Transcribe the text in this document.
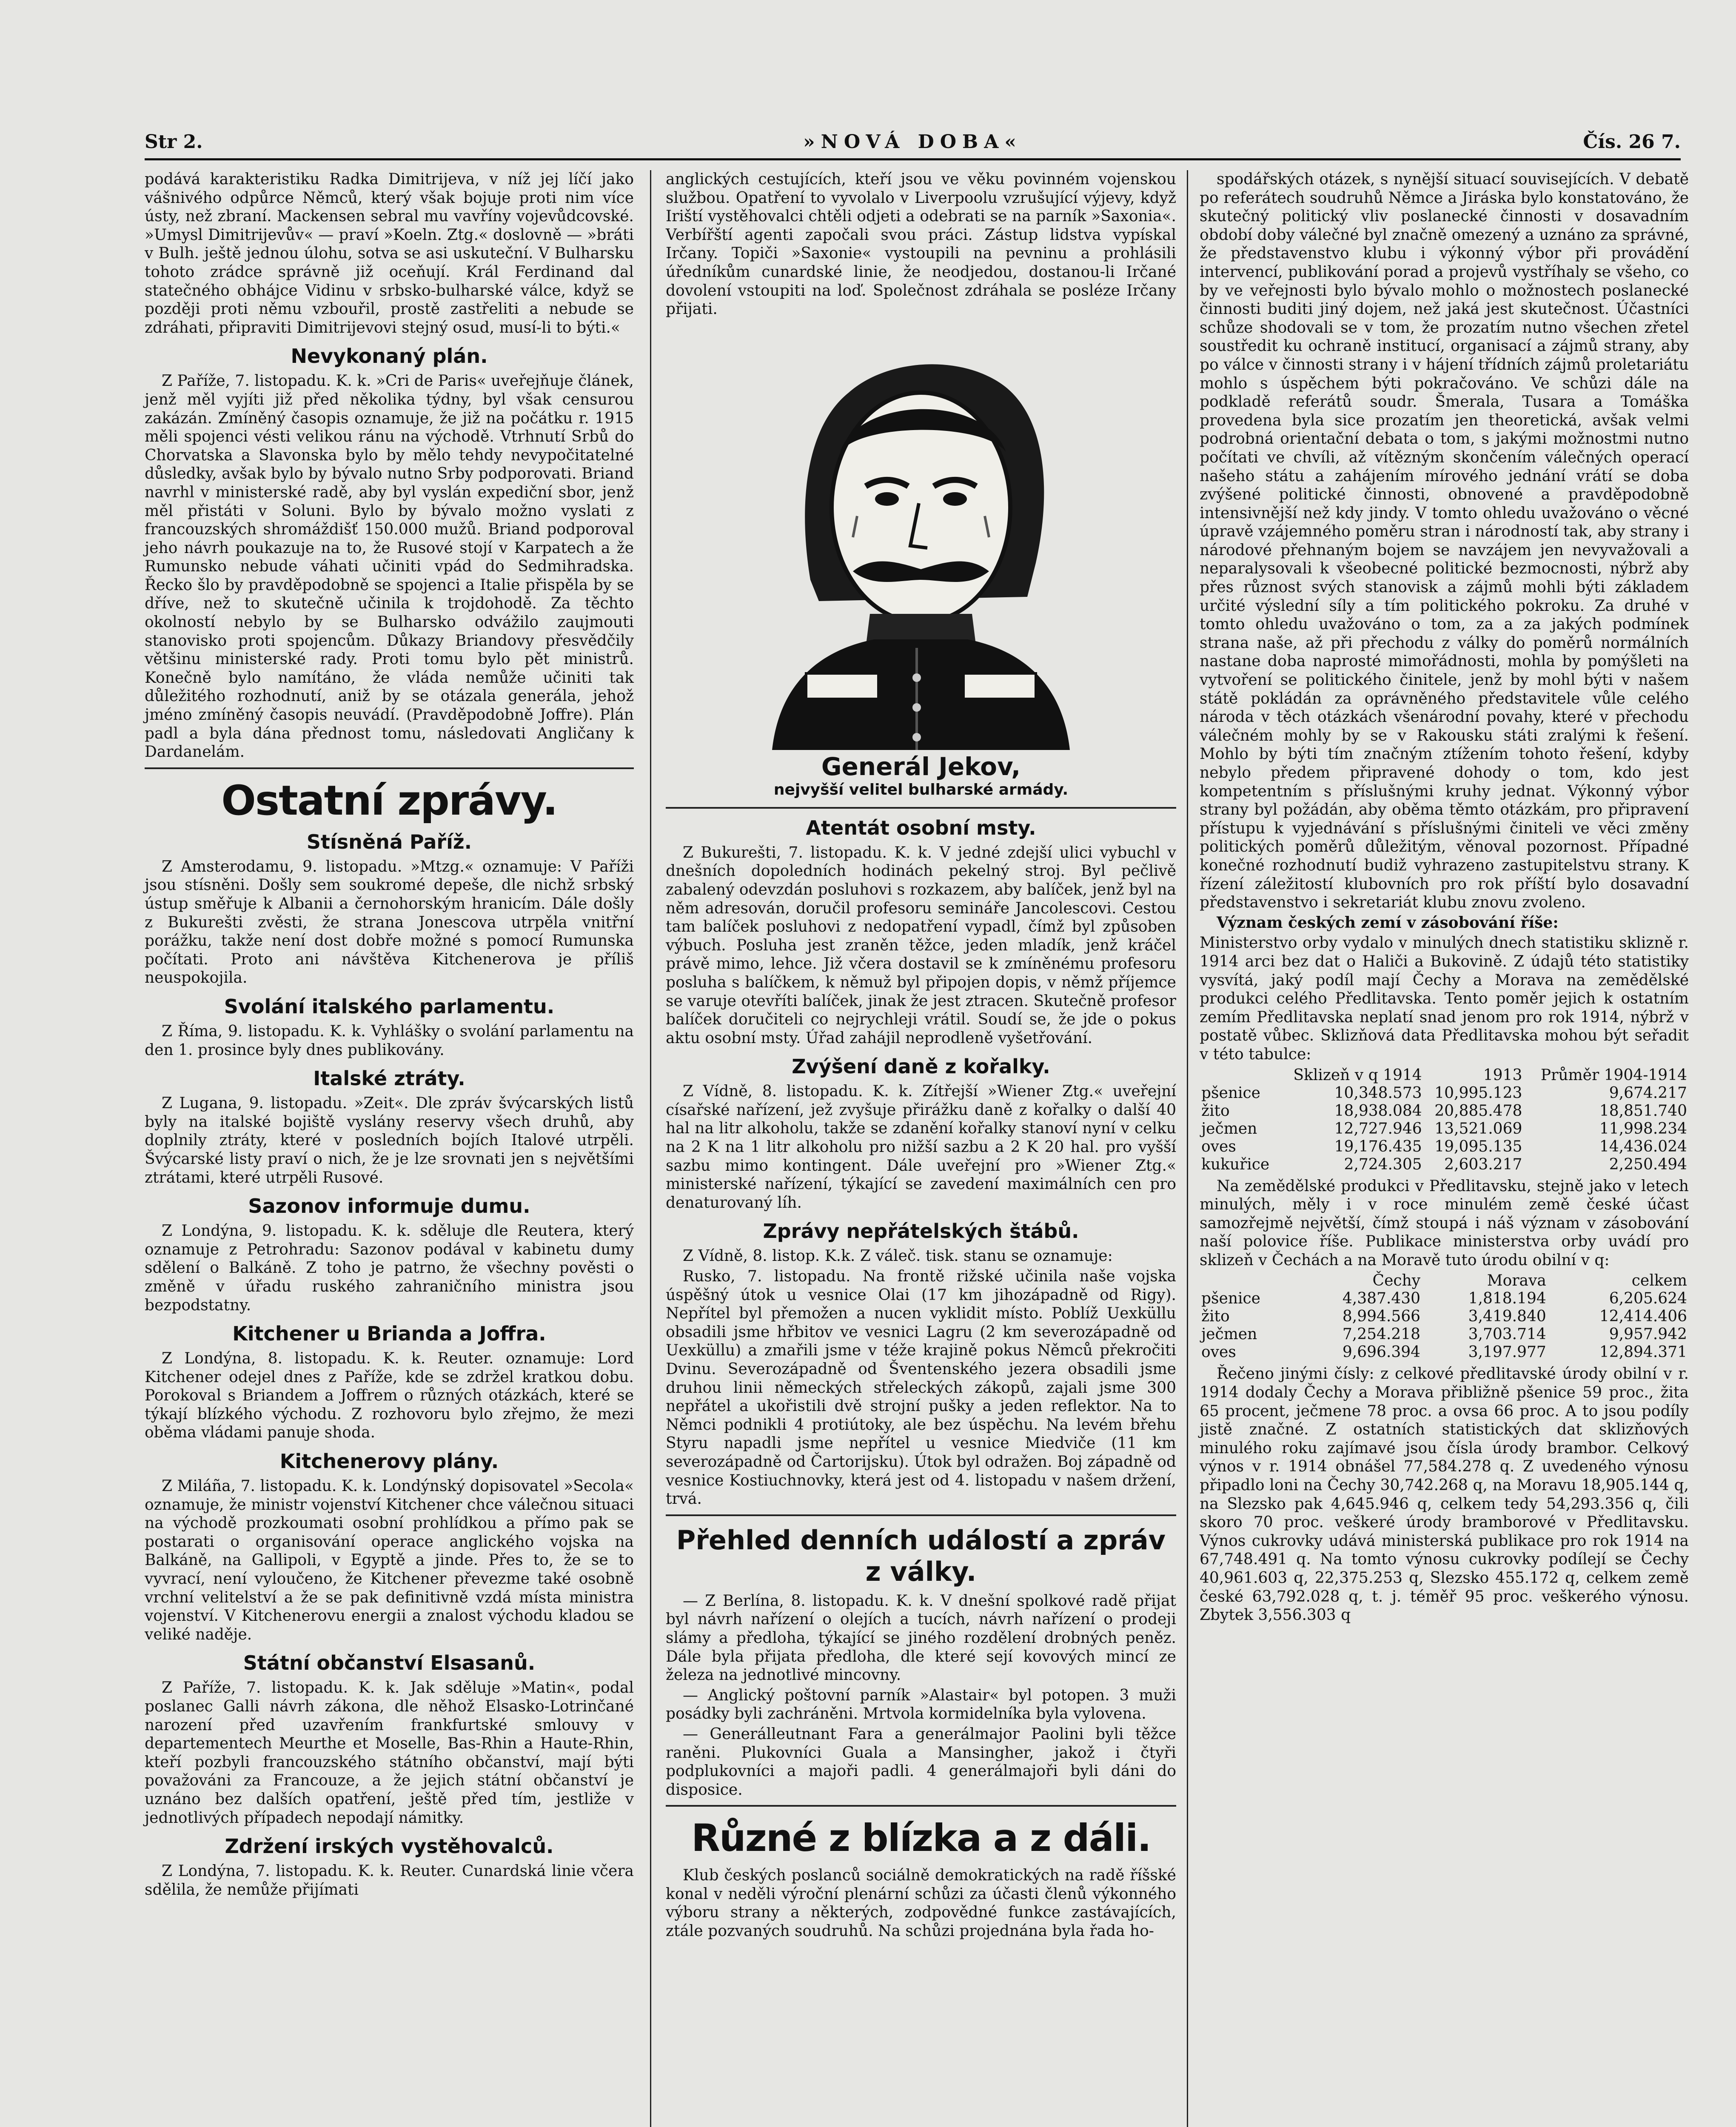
Str 2.	»NOVÁ DOBA«	Čís. 26 7.

podává karakteristiku Radka Dimitrijeva, v níž jej líčí jako vášnivého odpůrce Němců, který však bojuje proti nim více ústy, než zbraní. Mackensen sebral mu vavříny vojevůdcovské. »Umysl Dimitrijevův« — praví »Koeln. Ztg.« doslovně — »bráti v Bulh. ještě jednou úlohu, sotva se asi uskuteční. V Bulharsku tohoto zrádce správně již oceňují. Král Ferdinand dal statečného obhájce Vidinu v srbsko-bulharské válce, když se později proti němu vzbouřil, prostě zastřeliti a nebude se zdráhati, připraviti Dimitrijevovi stejný osud, musí-li to býti.«

Nevykonaný plán.

Z Paříže, 7. listopadu. K. k. »Cri de Paris« uveřejňuje článek, jenž měl vyjíti již před několika týdny, byl však censurou zakázán. Zmíněný časopis oznamuje, že již na počátku r. 1915 měli spojenci vésti velikou ránu na východě. Vtrhnutí Srbů do Chorvatska a Slavonska bylo by mělo tehdy nevypočitatelné důsledky, avšak bylo by bývalo nutno Srby podporovati. Briand navrhl v ministerské radě, aby byl vyslán expediční sbor, jenž měl přistáti v Soluni. Bylo by bývalo možno vyslati z francouzských shromáždišť 150.000 mužů. Briand podporoval jeho návrh poukazuje na to, že Rusové stojí v Karpatech a že Rumunsko nebude váhati učiniti vpád do Sedmihradska. Řecko šlo by pravděpodobně se spojenci a Italie přispěla by se dříve, než to skutečně učinila k trojdohodě. Za těchto okolností nebylo by se Bulharsko odvážilo zaujmouti stanovisko proti spojencům. Důkazy Briandovy přesvědčily většinu ministerské rady. Proti tomu bylo pět ministrů. Konečně bylo namítáno, že vláda nemůže učiniti tak důležitého rozhodnutí, aniž by se otázala generála, jehož jméno zmíněný časopis neuvádí. (Pravděpodobně Joffre). Plán padl a byla dána přednost tomu, následovati Angličany k Dardanelám.

Ostatní zprávy.
Stísněná Paříž.

Z Amsterodamu, 9. listopadu. »Mtzg.« oznamuje: V Paříži jsou stísněni. Došly sem soukromé depeše, dle nichž srbský ústup směřuje k Albanii a černohorským hranicím. Dále došly z Bukurešti zvěsti, že strana Jonescova utrpěla vnitřní porážku, takže není dost dobře možné s pomocí Rumunska počítati. Proto ani návštěva Kitchenerova je příliš neuspokojila.

Svolání italského parlamentu.

Z Říma, 9. listopadu. K. k. Vyhlášky o svolání parlamentu na den 1. prosince byly dnes publikovány.

Italské ztráty.

Z Lugana, 9. listopadu. »Zeit«. Dle zpráv švýcarských listů byly na italské bojiště vyslány reservy všech druhů, aby doplnily ztráty, které v posledních bojích Italové utrpěli. Švýcarské listy praví o nich, že je lze srovnati jen s největšími ztrátami, které utrpěli Rusové.

Sazonov informuje dumu.

Z Londýna, 9. listopadu. K. k. sděluje dle Reutera, který oznamuje z Petrohradu: Sazonov podával v kabinetu dumy sdělení o Balkáně. Z toho je patrno, že všechny pověsti o změně v úřadu ruského zahraničního ministra jsou bezpodstatny.

Kitchener u Brianda a Joffra.

Z Londýna, 8. listopadu. K. k. Reuter. oznamuje: Lord Kitchener odejel dnes z Paříže, kde se zdržel kratkou dobu. Porokoval s Briandem a Joffrem o různých otázkách, které se týkají blízkého východu. Z rozhovoru bylo zřejmo, že mezi oběma vládami panuje shoda.

Kitchenerovy plány.

Z Miláña, 7. listopadu. K. k. Londýnský dopisovatel »Secola« oznamuje, že ministr vojenství Kitchener chce válečnou situaci na východě prozkoumati osobní prohlídkou a přímo pak se postarati o organisování operace anglického vojska na Balkáně, na Gallipoli, v Egyptě a jinde. Přes to, že se to vyvrací, není vyloučeno, že Kitchener převezme také osobně vrchní velitelství a že se pak definitivně vzdá místa ministra vojenství. V Kitchenerovu energii a znalost východu kladou se veliké naděje.

Státní občanství Elsasanů.

Z Paříže, 7. listopadu. K. k. Jak sděluje »Matin«, podal poslanec Galli návrh zákona, dle něhož Elsasko-Lotrinčané narození před uzavřením frankfurtské smlouvy v departementech Meurthe et Moselle, Bas-Rhin a Haute-Rhin, kteří pozbyli francouzského státního občanství, mají býti považováni za Francouze, a že jejich státní občanství je uznáno bez dalších opatření, ještě před tím, jestliže v jednotlivých případech nepodají námitky.

Zdržení irských vystěhovalců.

Z Londýna, 7. listopadu. K. k. Reuter. Cunardská linie včera sdělila, že nemůže přijímati

anglických cestujících, kteří jsou ve věku povinném vojenskou službou. Opatření to vyvolalo v Liverpoolu vzrušující výjevy, když Iriští vystěhovalci chtěli odjeti a odebrati se na parník »Saxonia«. Verbířští agenti započali svou práci. Zástup lidstva vypískal Irčany. Topiči »Saxonie« vystoupili na pevninu a prohlásili úředníkům cunardské linie, že neodjedou, dostanou-li Irčané dovolení vstoupiti na loď. Společnost zdráhala se posléze Irčany přijati.

Generál Jekov,
nejvyšší velitel bulharské armády.
Atentát osobní msty.

Z Bukurešti, 7. listopadu. K. k. V jedné zdejší ulici vybuchl v dnešních dopoledních hodinách pekelný stroj. Byl pečlivě zabalený odevzdán posluhovi s rozkazem, aby balíček, jenž byl na něm adresován, doručil profesoru semináře Jancolescovi. Cestou tam balíček posluhovi z nedopatření vypadl, čímž byl způsoben výbuch. Posluha jest zraněn těžce, jeden mladík, jenž kráčel právě mimo, lehce. Již včera dostavil se k zmíněnému profesoru posluha s balíčkem, k němuž byl připojen dopis, v němž příjemce se varuje otevříti balíček, jinak že jest ztracen. Skutečně profesor balíček doručiteli co nejrychleji vrátil. Soudí se, že jde o pokus aktu osobní msty. Úřad zahájil neprodleně vyšetřování.

Zvýšení daně z kořalky.

Z Vídně, 8. listopadu. K. k. Zítřejší »Wiener Ztg.« uveřejní císařské nařízení, jež zvyšuje přirážku daně z kořalky o další 40 hal na litr alkoholu, takže se zdanění kořalky stanoví nyní v celku na 2 K na 1 litr alkoholu pro nižší sazbu a 2 K 20 hal. pro vyšší sazbu mimo kontingent. Dále uveřejní pro »Wiener Ztg.« ministerské nařízení, týkající se zavedení maximálních cen pro denaturovaný líh.

Zprávy nepřátelských štábů.

Z Vídně, 8. listop. K.k. Z váleč. tisk. stanu se oznamuje:

Rusko, 7. listopadu. Na frontě rižské učinila naše vojska úspěšný útok u vesnice Olai (17 km jihozápadně od Rigy). Nepřítel byl přemožen a nucen vyklidit místo. Poblíž Uexküllu obsadili jsme hřbitov ve vesnici Lagru (2 km severozápadně od Uexküllu) a zmařili jsme v téže krajině pokus Němců překročiti Dvinu. Severozápadně od Šventenského jezera obsadili jsme druhou linii německých střeleckých zákopů, zajali jsme 300 nepřátel a ukořistili dvě strojní pušky a jeden reflektor. Na to Němci podnikli 4 protiútoky, ale bez úspěchu. Na levém břehu Styru napadli jsme nepřítel u vesnice Miedviče (11 km severozápadně od Čartorijsku). Útok byl odražen. Boj západně od vesnice Kostiuchnovky, která jest od 4. listopadu v našem držení, trvá.

Přehled denních událostí a zpráv z války.

— Z Berlína, 8. listopadu. K. k. V dnešní spolkové radě přijat byl návrh nařízení o olejích a tucích, návrh nařízení o prodeji slámy a předloha, týkající se jiného rozdělení drobných peněz. Dále byla přijata předloha, dle které sejí kovových mincí ze železa na jednotlivé mincovny.

— Anglický poštovní parník »Alastair« byl potopen. 3 muži posádky byli zachráněni. Mrtvola kormidelníka byla vylovena.

— Generálleutnant Fara a generálmajor Paolini byli těžce raněni. Plukovníci Guala a Mansingher, jakož i čtyři podplukovníci a majoři padli. 4 generálmajoři byli dáni do disposice.

Různé z blízka a z dáli.

Klub českých poslanců sociálně demokratických na radě říšské konal v neděli výroční plenární schůzi za účasti členů výkonného výboru strany a některých, zodpovědné funkce zastávajících, ztále pozvaných soudruhů. Na schůzi projednána byla řada ho-

spodářských otázek, s nynější situací souvisejících. V debatě po referátech soudruhů Němce a Jiráska bylo konstatováno, že skutečný politický vliv poslanecké činnosti v dosavadním období doby válečné byl značně omezený a uznáno za správné, že představenstvo klubu i výkonný výbor při provádění intervencí, publikování porad a projevů vystříhaly se všeho, co by ve veřejnosti bylo bývalo mohlo o možnostech poslanecké činnosti buditi jiný dojem, než jaká jest skutečnost. Účastníci schůze shodovali se v tom, že prozatím nutno všechen zřetel soustředit ku ochraně institucí, organisací a zájmů strany, aby po válce v činnosti strany i v hájení třídních zájmů proletariátu mohlo s úspěchem býti pokračováno. Ve schůzi dále na podkladě referátů soudr. Šmerala, Tusara a Tomáška provedena byla sice prozatím jen theoretická, avšak velmi podrobná orientační debata o tom, s jakými možnostmi nutno počítati ve chvíli, až vítězným skončením válečných operací našeho státu a zahájením mírového jednání vrátí se doba zvýšené politické činnosti, obnovené a pravděpodobně intensivnější než kdy jindy. V tomto ohledu uvažováno o věcné úpravě vzájemného poměru stran i národností tak, aby strany i národové přehnaným bojem se navzájem jen nevyvažovali a neparalysovali k všeobecné politické bezmocnosti, nýbrž aby přes různost svých stanovisk a zájmů mohli býti základem určité výslední síly a tím politického pokroku. Za druhé v tomto ohledu uvažováno o tom, za a za jakých podmínek strana naše, až při přechodu z války do poměrů normálních nastane doba naprosté mimořádnosti, mohla by pomýšleti na vytvoření se politického činitele, jenž by mohl býti v našem státě pokládán za oprávněného představitele vůle celého národa v těch otázkách všenárodní povahy, které v přechodu válečném mohly by se v Rakousku státi zralými k řešení. Mohlo by býti tím značným ztížením tohoto řešení, kdyby nebylo předem připravené dohody o tom, kdo jest kompetentním s příslušnými kruhy jednat. Výkonný výbor strany byl požádán, aby oběma těmto otázkám, pro připravení přístupu k vyjednávání s příslušnými činiteli ve věci změny politických poměrů důležitým, věnoval pozornost. Případné konečné rozhodnutí budiž vyhrazeno zastupitelstvu strany. K řízení záležitostí klubovních pro rok příští bylo dosavadní představenstvo i sekretariát klubu znovu zvoleno.

Význam českých zemí v zásobování říše:

Ministerstvo orby vydalo v minulých dnech statistiku sklizně r. 1914 arci bez dat o Haliči a Bukovině. Z údajů této statistiky vysvítá, jaký podíl mají Čechy a Morava na zemědělské produkci celého Předlitavska. Tento poměr jejich k ostatním zemím Předlitavska neplatí snad jenom pro rok 1914, nýbrž v postatě vůbec. Sklizňová data Předlitavska mohou být seřadit v této tabulce:

	Sklizeň v q 1914	1913	Průměr 1904-1914
pšenice	10,348.573	10,995.123	9,674.217
žito	18,938.084	20,885.478	18,851.740
ječmen	12,727.946	13,521.069	11,998.234
oves	19,176.435	19,095.135	14,436.024
kukuřice	2,724.305	2,603.217	2,250.494

Na zemědělské produkci v Předlitavsku, stejně jako v letech minulých, měly i v roce minulém země české účast samozřejmě největší, čímž stoupá i náš význam v zásobování naší polovice říše. Publikace ministerstva orby uvádí pro sklizeň v Čechách a na Moravě tuto úrodu obilní v q:

	Čechy	Morava	celkem
pšenice	4,387.430	1,818.194	6,205.624
žito	8,994.566	3,419.840	12,414.406
ječmen	7,254.218	3,703.714	9,957.942
oves	9,696.394	3,197.977	12,894.371

Řečeno jinými čísly: z celkové předlitavské úrody obilní v r. 1914 dodaly Čechy a Morava přibližně pšenice 59 proc., žita 65 procent, ječmene 78 proc. a ovsa 66 proc. A to jsou podíly jistě značné. Z ostatních statistických dat sklizňových minulého roku zajímavé jsou čísla úrody brambor. Celkový výnos v r. 1914 obnášel 77,584.278 q. Z uvedeného výnosu připadlo loni na Čechy 30,742.268 q, na Moravu 18,905.144 q, na Slezsko pak 4,645.946 q, celkem tedy 54,293.356 q, čili skoro 70 proc. veškeré úrody bramborové v Předlitavsku. Výnos cukrovky udává ministerská publikace pro rok 1914 na 67,748.491 q. Na tomto výnosu cukrovky podílejí se Čechy 40,961.603 q, 22,375.253 q, Slezsko 455.172 q, celkem země české 63,792.028 q, t. j. téměř 95 proc. veškerého výnosu. Zbytek 3,556.303 q
